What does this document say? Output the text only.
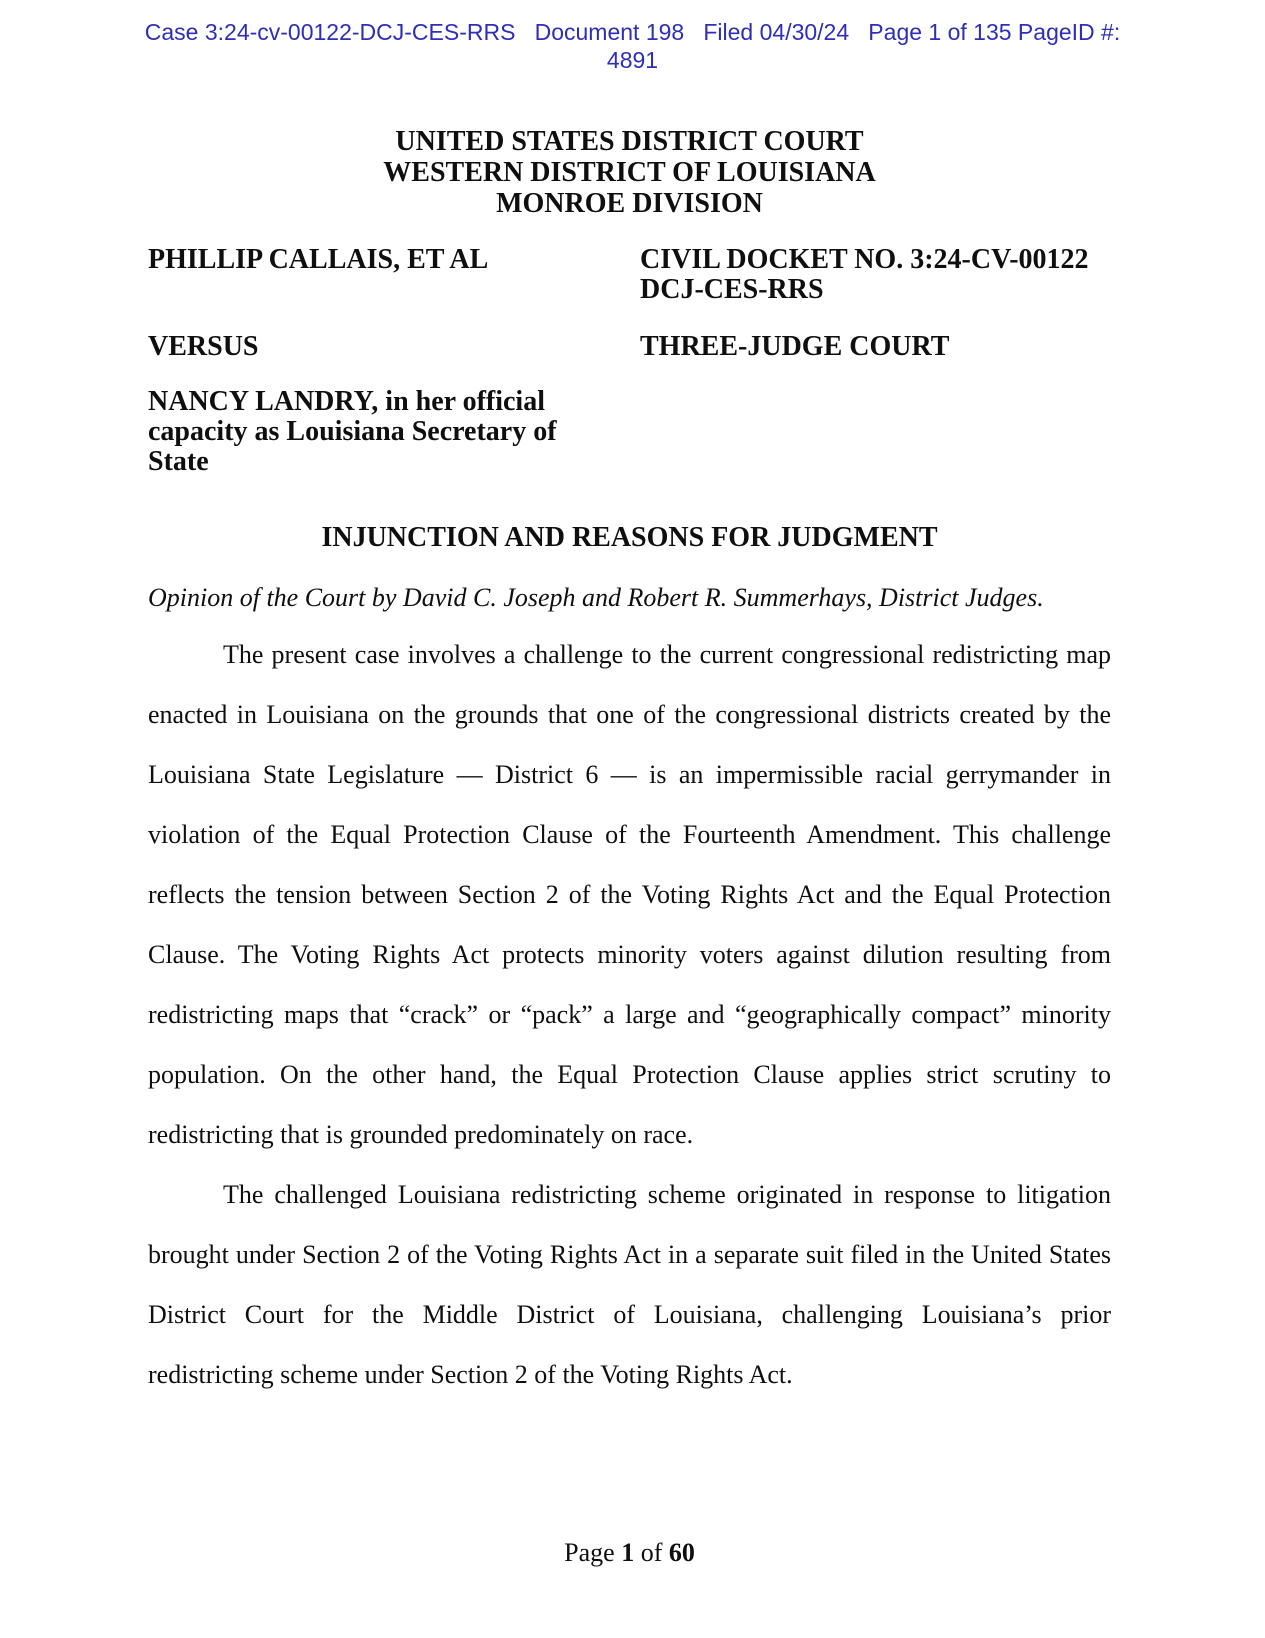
Case 3:24-cv-00122-DCJ-CES-RRS   Document 198   Filed 04/30/24   Page 1 of 135 PageID #:
4891
UNITED STATES DISTRICT COURT
WESTERN DISTRICT OF LOUISIANA
MONROE DIVISION
PHILLIP CALLAIS, ET AL
VERSUS
NANCY LANDRY, in her official
capacity as Louisiana Secretary of
State
CIVIL DOCKET NO. 3:24-CV-00122
DCJ-CES-RRS
THREE-JUDGE COURT
INJUNCTION AND REASONS FOR JUDGMENT
Opinion of the Court by David C. Joseph and Robert R. Summerhays, District Judges.

The present case involves a challenge to the current congressional redistricting map enacted in Louisiana on the grounds that one of the congressional districts created by the Louisiana State Legislature — District 6 — is an impermissible racial gerrymander in violation of the Equal Protection Clause of the Fourteenth Amendment. This challenge reflects the tension between Section 2 of the Voting Rights Act and the Equal Protection Clause. The Voting Rights Act protects minority voters against dilution resulting from redistricting maps that “crack” or “pack” a large and “geographically compact” minority population. On the other hand, the Equal Protection Clause applies strict scrutiny to redistricting that is grounded predominately on race.

The challenged Louisiana redistricting scheme originated in response to litigation brought under Section 2 of the Voting Rights Act in a separate suit filed in the United States District Court for the Middle District of Louisiana, challenging Louisiana’s prior redistricting scheme under Section 2 of the Voting Rights Act.

Page 1 of 60
